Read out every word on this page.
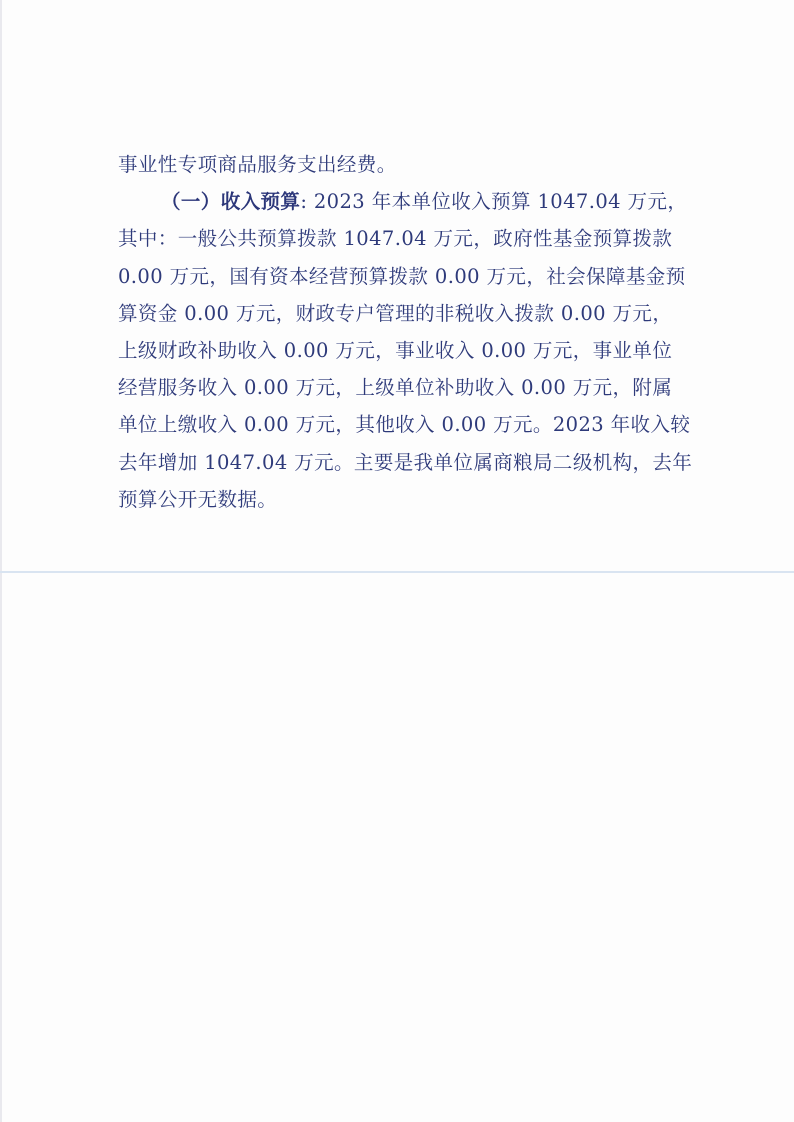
事业性专项商品服务支出经费。
（一）收入预算: 2023 年本单位收入预算 1047.04 万元，
其中：一般公共预算拨款 1047.04 万元，政府性基金预算拨款
0.00 万元，国有资本经营预算拨款 0.00 万元，社会保障基金预
算资金 0.00 万元，财政专户管理的非税收入拨款 0.00 万元，
上级财政补助收入 0.00 万元，事业收入 0.00 万元，事业单位
经营服务收入 0.00 万元，上级单位补助收入 0.00 万元，附属
单位上缴收入 0.00 万元，其他收入 0.00 万元。2023 年收入较
去年增加 1047.04 万元。主要是我单位属商粮局二级机构，去年
预算公开无数据。
